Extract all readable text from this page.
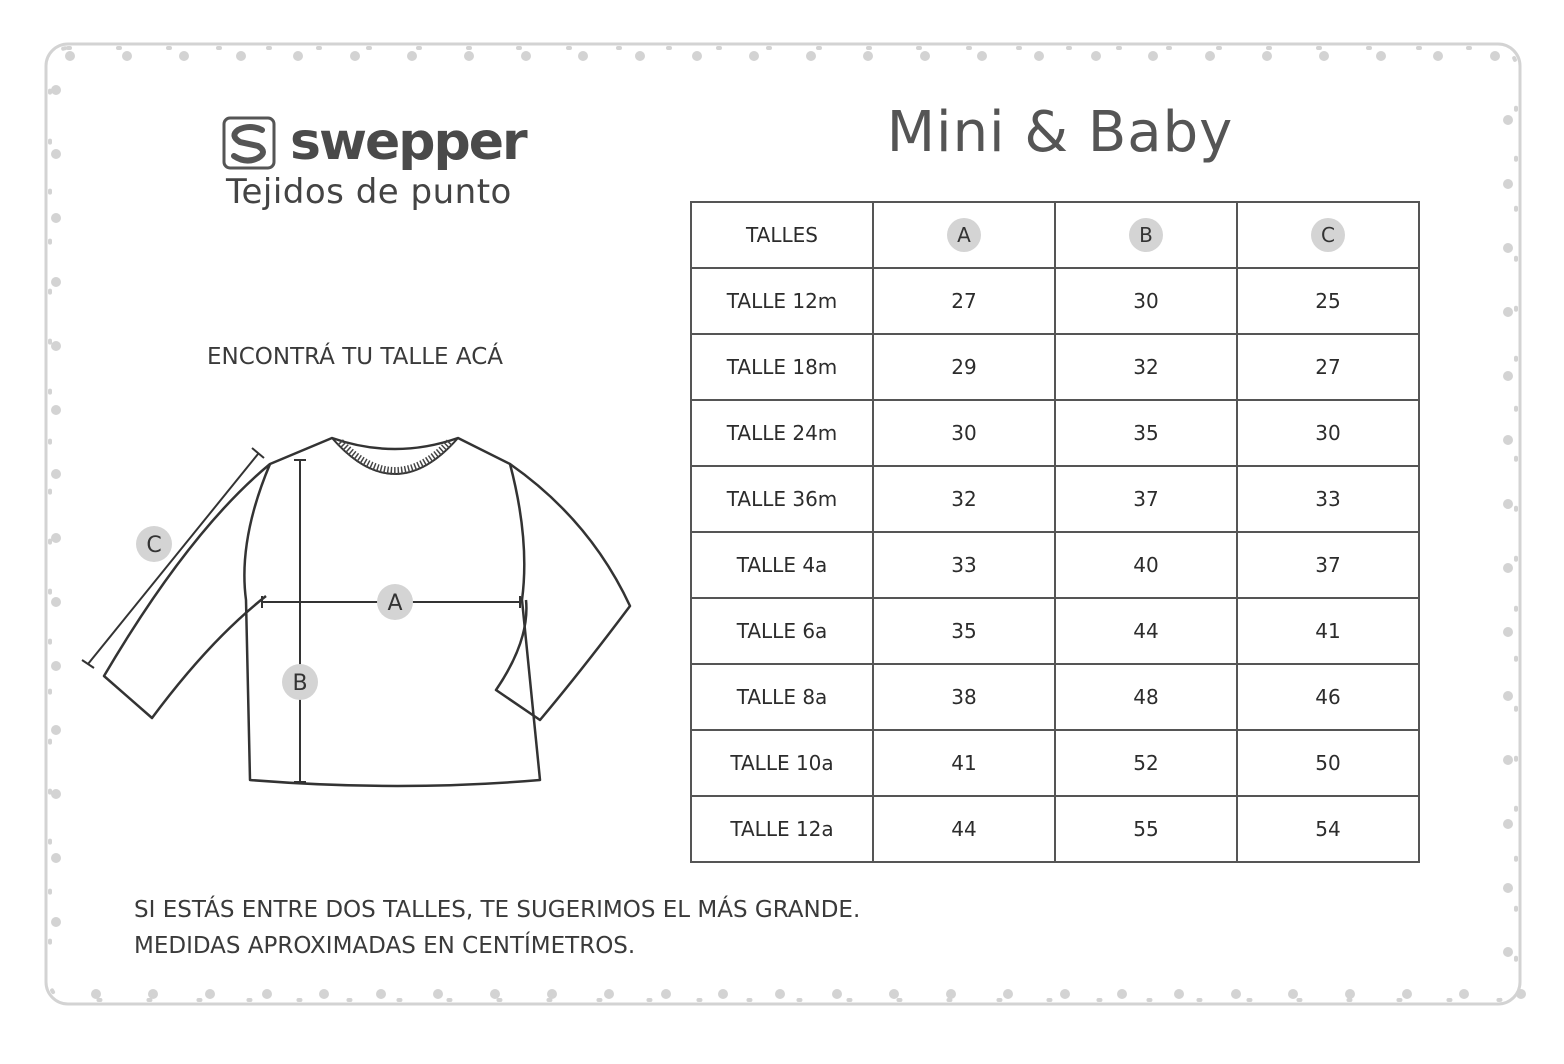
swepper
Tejidos de punto
Mini & Baby
ENCONTRÁ TU TALLE ACÁ
A
B
C
TALLES	A	B	C
TALLE 12m	27	30	25
TALLE 18m	29	32	27
TALLE 24m	30	35	30
TALLE 36m	32	37	33
TALLE 4a	33	40	37
TALLE 6a	35	44	41
TALLE 8a	38	48	46
TALLE 10a	41	52	50
TALLE 12a	44	55	54
SI ESTÁS ENTRE DOS TALLES, TE SUGERIMOS EL MÁS GRANDE.
MEDIDAS APROXIMADAS EN CENTÍMETROS.
